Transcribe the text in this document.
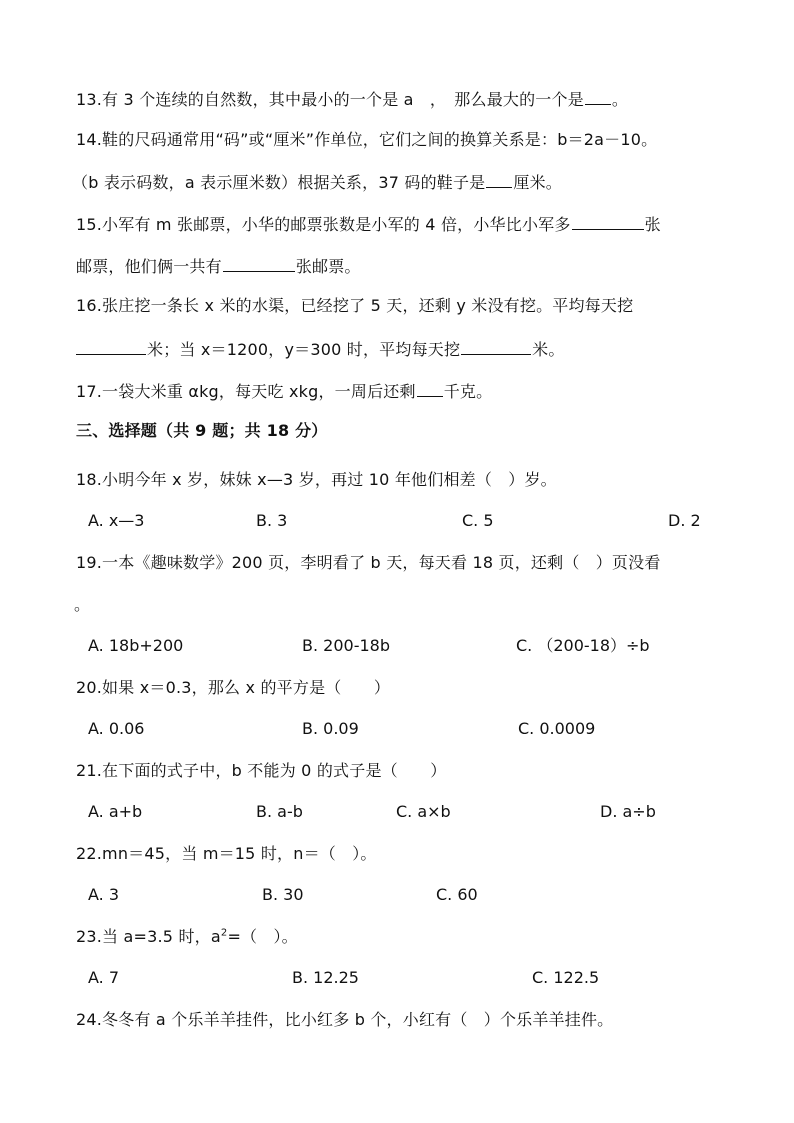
13.有 3 个连续的自然数，其中最小的一个是 a　，　那么最大的一个是 。
14.鞋的尺码通常用“码”或“厘米”作单位，它们之间的换算关系是：b＝2a－10。
（b 表示码数，a 表示厘米数）根据关系，37 码的鞋子是 厘米。
15.小军有 m 张邮票，小华的邮票张数是小军的 4 倍，小华比小军多	张
邮票，他们俩一共有	张邮票。
16.张庄挖一条长 x 米的水渠，已经挖了 5 天，还剩 y 米没有挖。平均每天挖
米；当 x＝1200，y＝300 时，平均每天挖	米。
17.一袋大米重 αkg，每天吃 xkg，一周后还剩 千克。
三、选择题（共 9 题；共 18 分）
18.小明今年 x 岁，妹妹 x—3 岁，再过 10 年他们相差（　）岁。
A. x—3	B. 3	C. 5	D. 2
19.一本《趣味数学》200 页，李明看了 b 天，每天看 18 页，还剩（　）页没看
。
A. 18b+200	B. 200-18b	C. （200-18）÷b
20.如果 x＝0.3，那么 x 的平方是（　　）
A. 0.06	B. 0.09	C. 0.0009
21.在下面的式子中，b 不能为 0 的式子是（　　）
A. a+b	B. a-b	C. a×b	D. a÷b
22.mn＝45，当 m＝15 时，n＝（　）。
A. 3	B. 30	C. 60
23.当 a=3.5 时，$a^2=$（　）。
A. 7	B. 12.25	C. 122.5
24.冬冬有 a 个乐羊羊挂件，比小红多 b 个，小红有（　）个乐羊羊挂件。
